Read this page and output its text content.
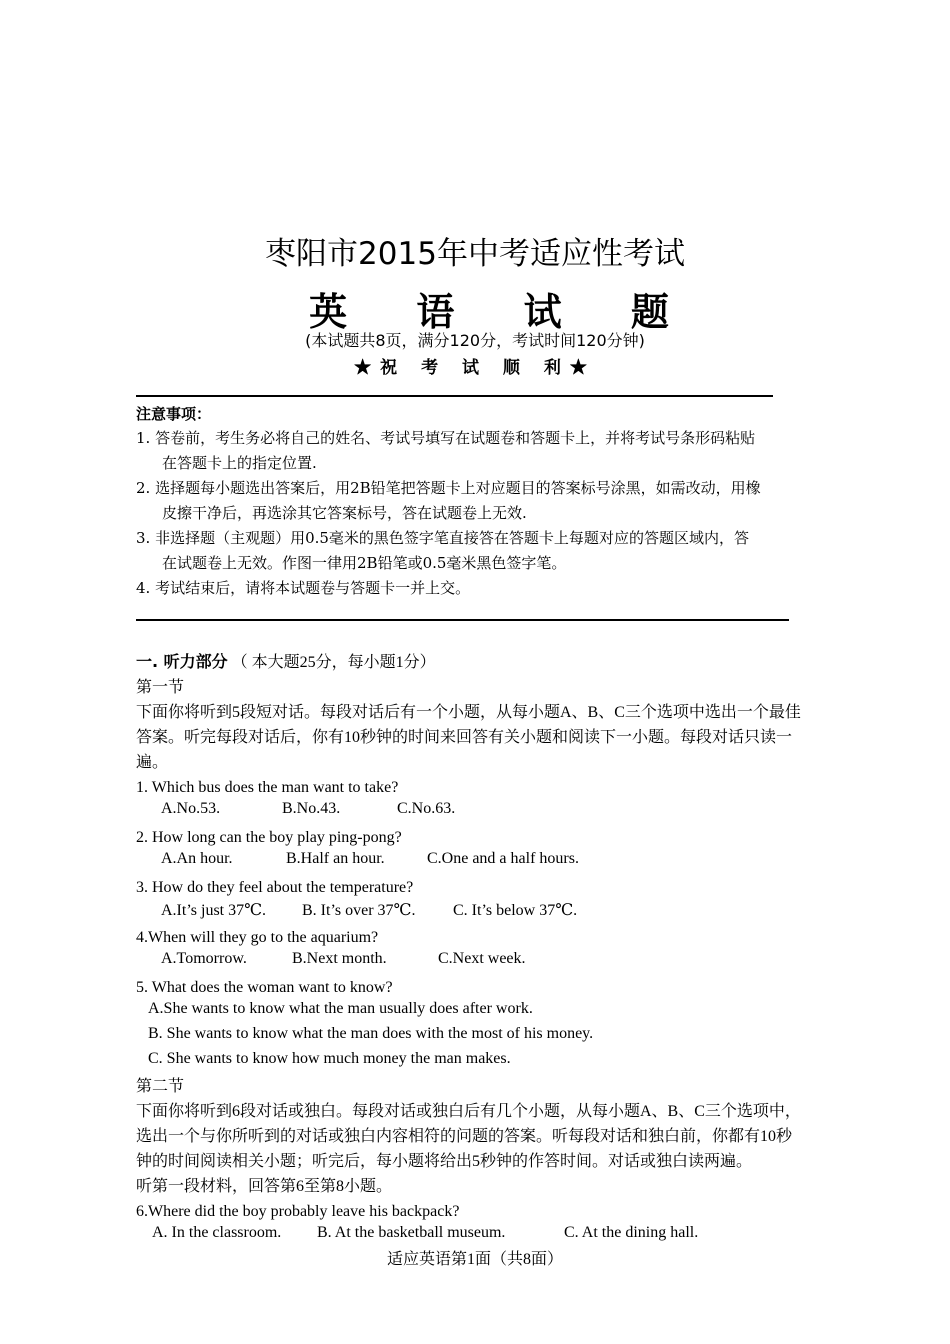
枣阳市2015年中考适应性考试
英 语 试 题
(本试题共8页，满分120分，考试时间120分钟)
★祝 考 试 顺 利★
注意事项：
1. 答卷前，考生务必将自己的姓名、考试号填写在试题卷和答题卡上，并将考试号条形码粘贴
在答题卡上的指定位置.
2. 选择题每小题选出答案后，用2B铅笔把答题卡上对应题目的答案标号涂黑，如需改动，用橡
皮擦干净后，再选涂其它答案标号，答在试题卷上无效.
3. 非选择题（主观题）用0.5毫米的黑色签字笔直接答在答题卡上每题对应的答题区域内，答
在试题卷上无效。作图一律用2B铅笔或0.5毫米黑色签字笔。
4. 考试结束后，请将本试题卷与答题卡一并上交。
一. 听力部分 （ 本大题25分，每小题1分）
第一节
下面你将听到5段短对话。每段对话后有一个小题，从每小题A、B、C三个选项中选出一个最佳
答案。听完每段对话后，你有10秒钟的时间来回答有关小题和阅读下一小题。每段对话只读一
遍。
1. Which bus does the man want to take?
A.No.53.	B.No.43.	C.No.63.
2. How long can the boy play ping-pong?
A.An hour.	B.Half an hour.	C.One and a half hours.
3. How do they feel about the temperature?
A.It’s just 37℃. B. It’s over 37℃. C. It’s below 37℃.
4.When will they go to the aquarium?
A.Tomorrow.	B.Next month.	C.Next week.
5. What does the woman want to know?
A.She wants to know what the man usually does after work.
B. She wants to know what the man does with the most of his money.
C. She wants to know how much money the man makes.
第二节
下面你将听到6段对话或独白。每段对话或独白后有几个小题，从每小题A、B、C三个选项中，
选出一个与你所听到的对话或独白内容相符的问题的答案。听每段对话和独白前，你都有10秒
钟的时间阅读相关小题；听完后，每小题将给出5秒钟的作答时间。对话或独白读两遍。
听第一段材料，回答第6至第8小题。
6.Where did the boy probably leave his backpack?
A. In the classroom. B. At the basketball museum.	C. At the dining hall.
适应英语第1面（共8面）
